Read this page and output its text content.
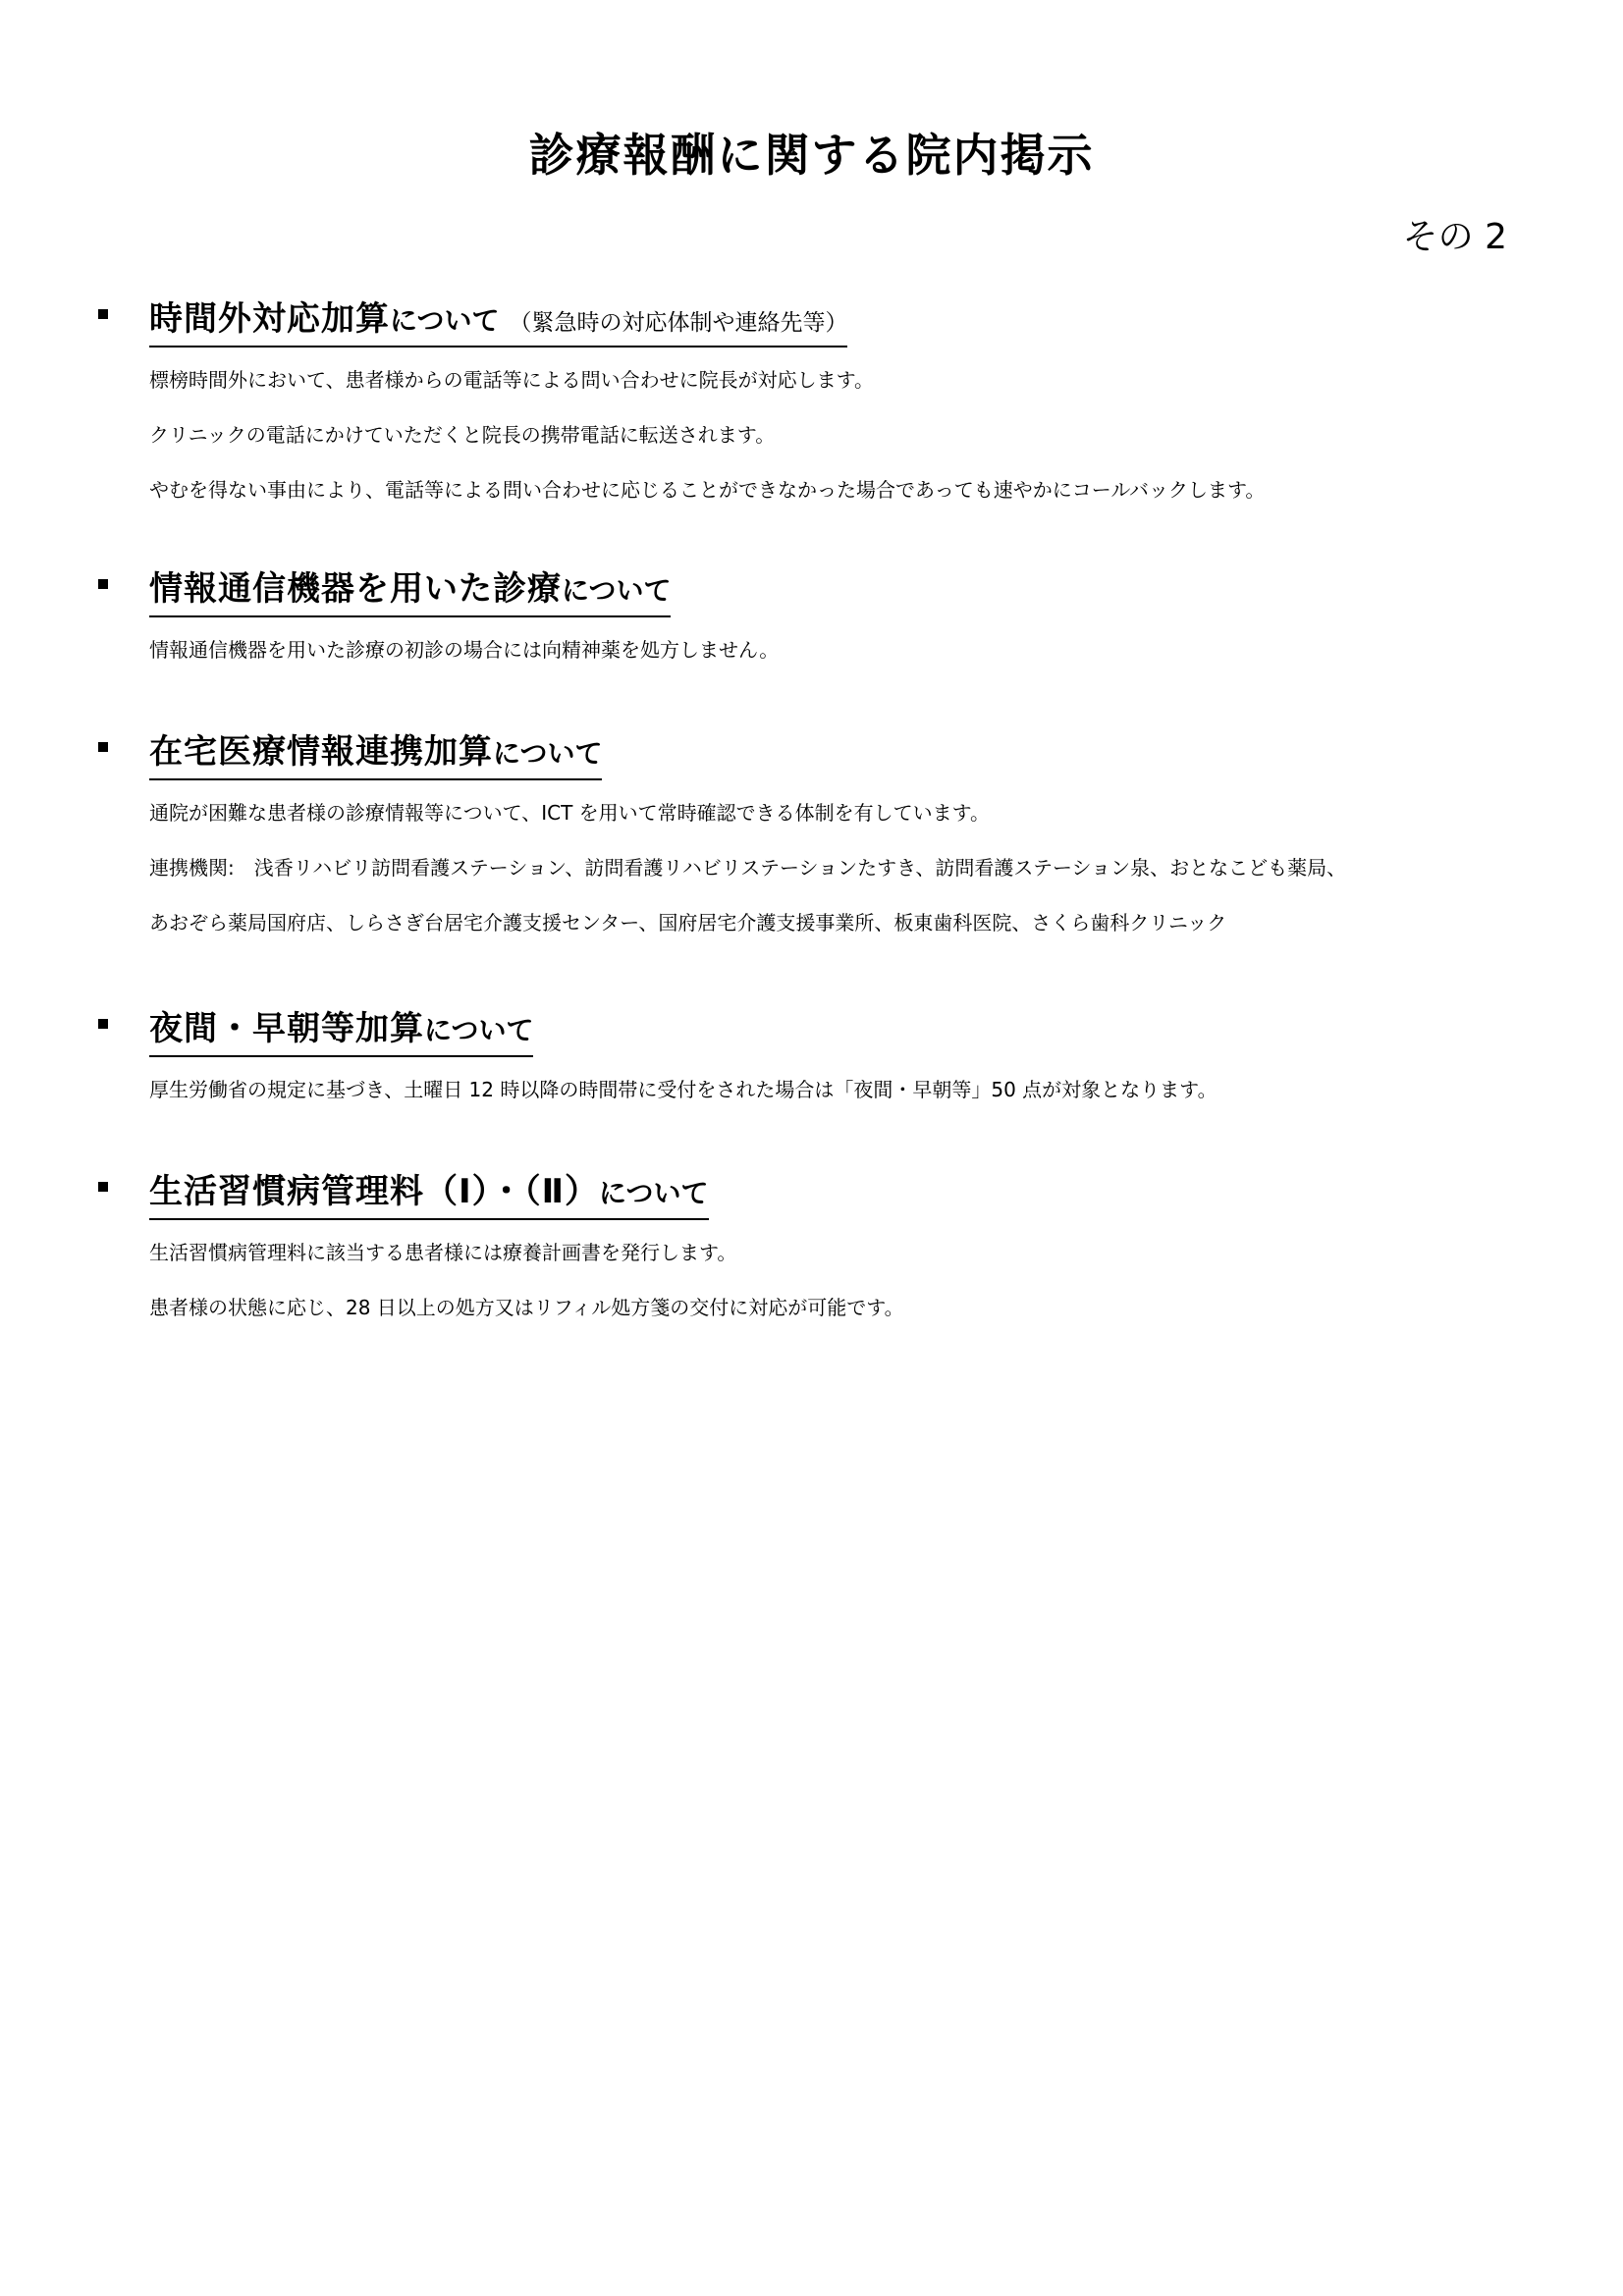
診療報酬に関する院内掲示
その 2
時間外対応加算について （緊急時の対応体制や連絡先等）

標榜時間外において、患者様からの電話等による問い合わせに院長が対応します。

クリニックの電話にかけていただくと院長の携帯電話に転送されます。

やむを得ない事由により、電話等による問い合わせに応じることができなかった場合であっても速やかにコールバックします。

情報通信機器を用いた診療について

情報通信機器を用いた診療の初診の場合には向精神薬を処方しません。

在宅医療情報連携加算について

通院が困難な患者様の診療情報等について、ICT を用いて常時確認できる体制を有しています。

連携機関:　浅香リハビリ訪問看護ステーション、訪問看護リハビリステーションたすき、訪問看護ステーション泉、おとなこども薬局、

あおぞら薬局国府店、しらさぎ台居宅介護支援センター、国府居宅介護支援事業所、板東歯科医院、さくら歯科クリニック

夜間・早朝等加算について

厚生労働省の規定に基づき、土曜日 12 時以降の時間帯に受付をされた場合は「夜間・早朝等」50 点が対象となります。

生活習慣病管理料（Ⅰ）・（Ⅱ）について

生活習慣病管理料に該当する患者様には療養計画書を発行します。

患者様の状態に応じ、28 日以上の処方又はリフィル処方箋の交付に対応が可能です。
